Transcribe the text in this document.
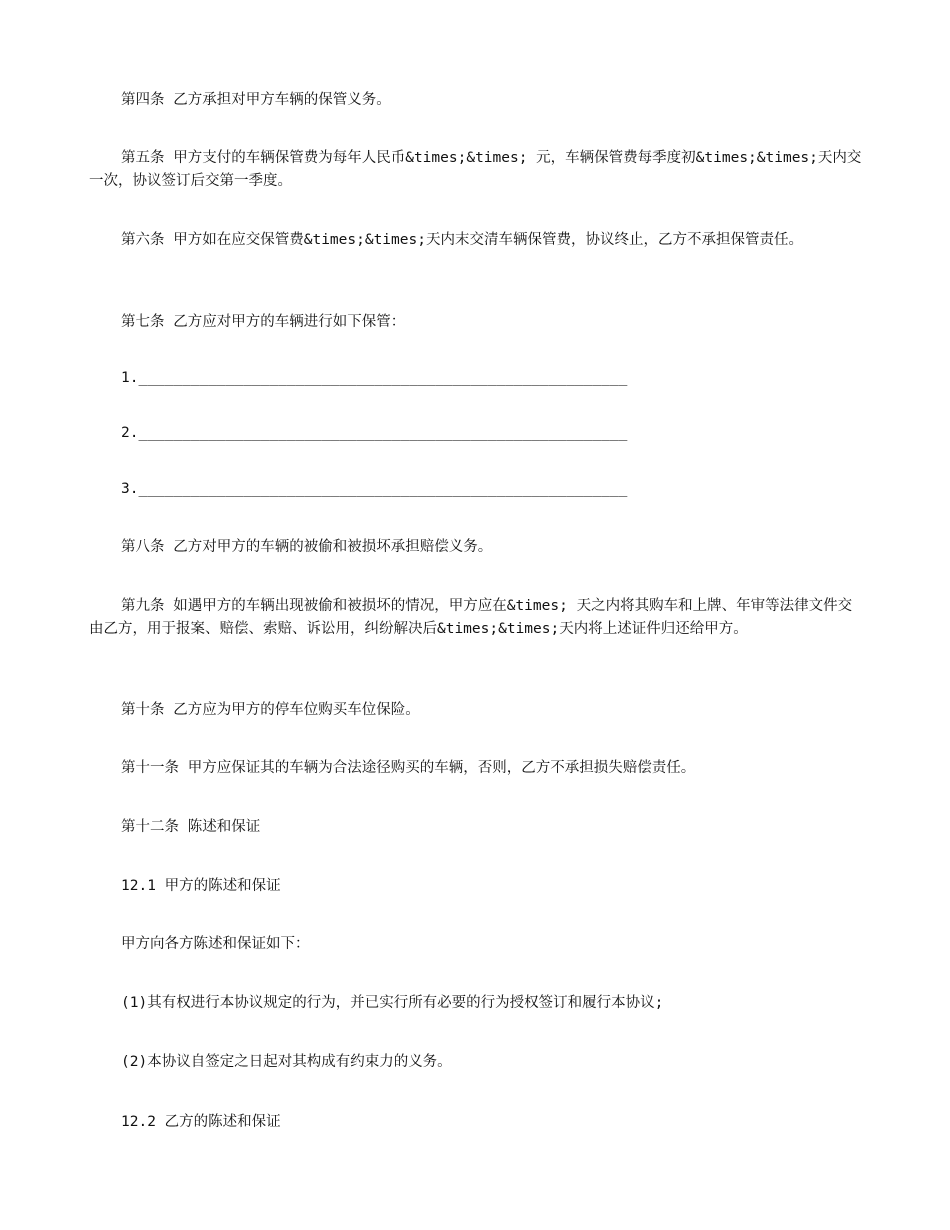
第四条 乙方承担对甲方车辆的保管义务。

第五条 甲方支付的车辆保管费为每年人民币&times;&times; 元，车辆保管费每季度初&times;&times;天内交一次，协议签订后交第一季度。

第六条 甲方如在应交保管费&times;&times;天内末交清车辆保管费，协议终止，乙方不承担保管责任。

第七条 乙方应对甲方的车辆进行如下保管：

1.________________________________________________________

2.________________________________________________________

3.________________________________________________________

第八条 乙方对甲方的车辆的被偷和被损坏承担赔偿义务。

第九条 如遇甲方的车辆出现被偷和被损坏的情况，甲方应在&times; 天之内将其购车和上牌、年审等法律文件交由乙方，用于报案、赔偿、索赔、诉讼用，纠纷解决后&times;&times;天内将上述证件归还给甲方。

第十条 乙方应为甲方的停车位购买车位保险。

第十一条 甲方应保证其的车辆为合法途径购买的车辆，否则，乙方不承担损失赔偿责任。

第十二条 陈述和保证

12.1 甲方的陈述和保证

甲方向各方陈述和保证如下：

(1)其有权进行本协议规定的行为，并已实行所有必要的行为授权签订和履行本协议;

(2)本协议自签定之日起对其构成有约束力的义务。

12.2 乙方的陈述和保证
